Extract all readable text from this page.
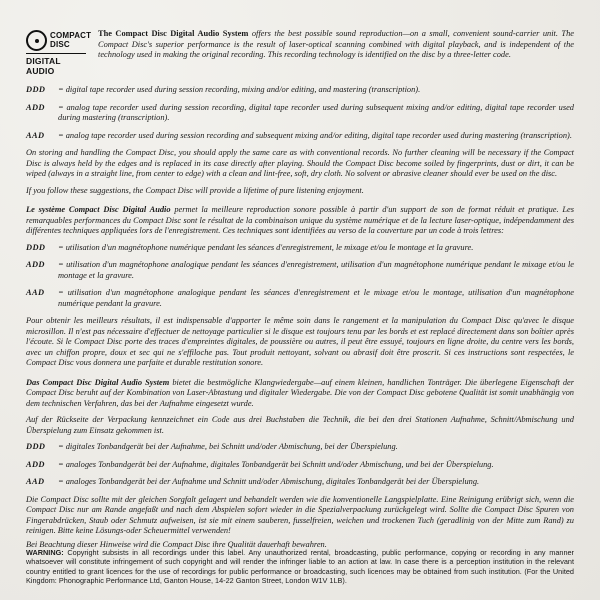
COMPACT
DISC
DIGITAL AUDIO
The Compact Disc Digital Audio System offers the best possible sound reproduction—on a small, convenient sound-carrier unit. The Compact Disc's superior performance is the result of laser-optical scanning combined with digital playback, and is independent of the technology used in making the original recording. This recording technology is identified on the disc by a three-letter code.
DDD	= digital tape recorder used during session recording, mixing and/or editing, and mastering (transcription).
ADD	= analog tape recorder used during session recording, digital tape recorder used during subsequent mixing and/or editing, digital tape recorder used during mastering (transcription).
AAD	= analog tape recorder used during session recording and subsequent mixing and/or editing, digital tape recorder used during mastering (transcription).
On storing and handling the Compact Disc, you should apply the same care as with conventional records. No further cleaning will be necessary if the Compact Disc is always held by the edges and is replaced in its case directly after playing. Should the Compact Disc become soiled by fingerprints, dust or dirt, it can be wiped (always in a straight line, from center to edge) with a clean and lint-free, soft, dry cloth. No solvent or abrasive cleaner should ever be used on the disc.
If you follow these suggestions, the Compact Disc will provide a lifetime of pure listening enjoyment.
Le système Compact Disc Digital Audio permet la meilleure reproduction sonore possible à partir d'un support de son de format réduit et pratique. Les remarquables performances du Compact Disc sont le résultat de la combinaison unique du système numérique et de la lecture laser-optique, indépendamment des différentes techniques appliquées lors de l'enregistrement. Ces techniques sont identifiées au verso de la couverture par un code à trois lettres:
DDD	= utilisation d'un magnétophone numérique pendant les séances d'enregistrement, le mixage et/ou le montage et la gravure.
ADD	= utilisation d'un magnétophone analogique pendant les séances d'enregistrement, utilisation d'un magnétophone numérique pendant le mixage et/ou le montage et la gravure.
AAD	= utilisation d'un magnétophone analogique pendant les séances d'enregistrement et le mixage et/ou le montage, utilisation d'un magnétophone numérique pendant la gravure.
Pour obtenir les meilleurs résultats, il est indispensable d'apporter le même soin dans le rangement et la manipulation du Compact Disc qu'avec le disque microsillon. Il n'est pas nécessaire d'effectuer de nettoyage particulier si le disque est toujours tenu par les bords et est replacé directement dans son boîtier après l'écoute. Si le Compact Disc porte des traces d'empreintes digitales, de poussière ou autres, il peut être essuyé, toujours en ligne droite, du centre vers les bords, avec un chiffon propre, doux et sec qui ne s'effiloche pas. Tout produit nettoyant, solvant ou abrasif doit être proscrit. Si ces instructions sont respectées, le Compact Disc vous donnera une parfaite et durable restitution sonore.
Das Compact Disc Digital Audio System bietet die bestmögliche Klangwiedergabe—auf einem kleinen, handlichen Tonträger. Die überlegene Eigenschaft der Compact Disc beruht auf der Kombination von Laser-Abtastung und digitaler Wiedergabe. Die von der Compact Disc gebotene Qualität ist somit unabhängig von dem technischen Verfahren, das bei der Aufnahme eingesetzt wurde.
Auf der Rückseite der Verpackung kennzeichnet ein Code aus drei Buchstaben die Technik, die bei den drei Stationen Aufnahme, Schnitt/Abmischung und Überspielung zum Einsatz gekommen ist.
DDD	= digitales Tonbandgerät bei der Aufnahme, bei Schnitt und/oder Abmischung, bei der Überspielung.
ADD	= analoges Tonbandgerät bei der Aufnahme, digitales Tonbandgerät bei Schnitt und/oder Abmischung, und bei der Überspielung.
AAD	= analoges Tonbandgerät bei der Aufnahme und Schnitt und/oder Abmischung, digitales Tonbandgerät bei der Überspielung.
Die Compact Disc sollte mit der gleichen Sorgfalt gelagert und behandelt werden wie die konventionelle Langspielplatte. Eine Reinigung erübrigt sich, wenn die Compact Disc nur am Rande angefaßt und nach dem Abspielen sofort wieder in die Spezialverpackung zurückgelegt wird. Sollte die Compact Disc Spuren von Fingerabdrücken, Staub oder Schmutz aufweisen, ist sie mit einem sauberen, fusselfreien, weichen und trockenen Tuch (geradlinig von der Mitte zum Rand) zu reinigen. Bitte keine Lösungs-oder Scheuermittel verwenden!
Bei Beachtung dieser Hinweise wird die Compact Disc ihre Qualität dauerhaft bewahren.
WARNING: Copyright subsists in all recordings under this label. Any unauthorized rental, broadcasting, public performance, copying or recording in any manner whatsoever will constitute infringement of such copyright and will render the infringer liable to an action at law. In case there is a perception institution in the relevant country entitled to grant licences for the use of recordings for public performance or broadcasting, such licences may be obtained from such institution. (For the United Kingdom: Phonographic Performance Ltd, Ganton House, 14-22 Ganton Street, London W1V 1LB).
